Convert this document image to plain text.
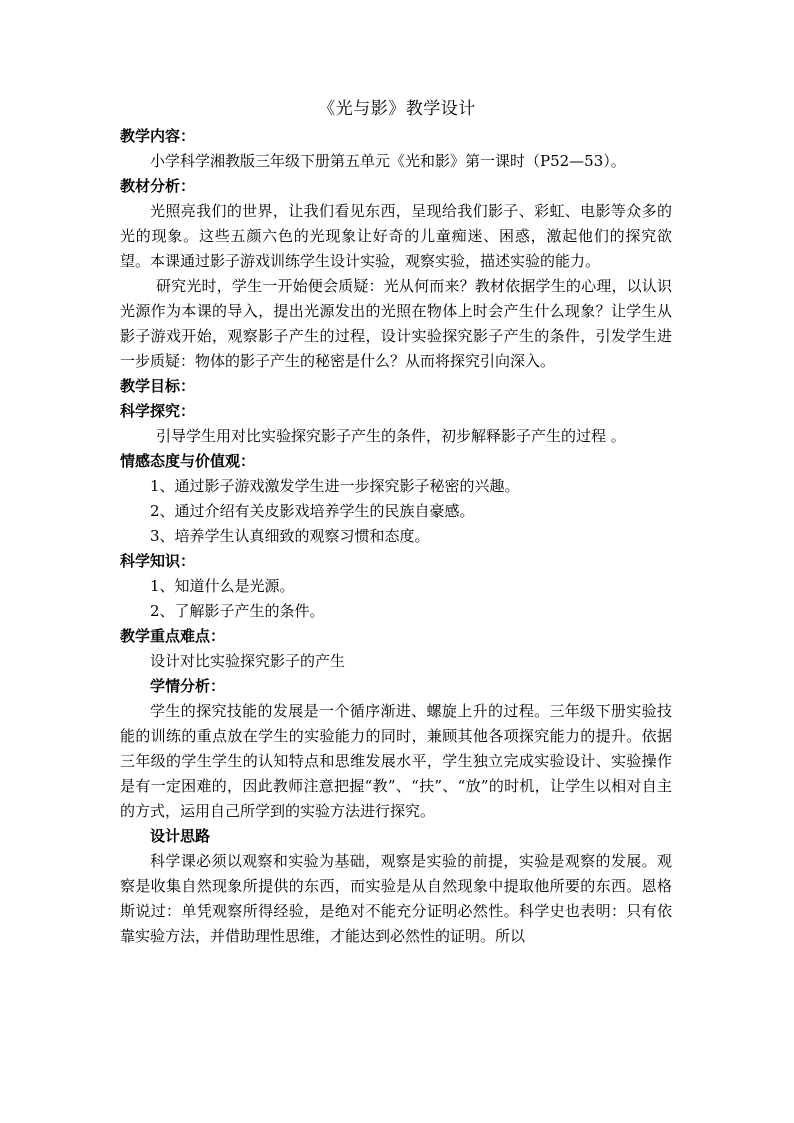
《光与影》教学设计
教学内容：
小学科学湘教版三年级下册第五单元《光和影》第一课时（P52—53）。
教材分析：
光照亮我们的世界，让我们看见东西，呈现给我们影子、彩虹、电影等众多的光的现象。这些五颜六色的光现象让好奇的儿童痴迷、困惑，激起他们的探究欲望。本课通过影子游戏训练学生设计实验，观察实验，描述实验的能力。
研究光时，学生一开始便会质疑：光从何而来？教材依据学生的心理，以认识光源作为本课的导入，提出光源发出的光照在物体上时会产生什么现象？让学生从影子游戏开始，观察影子产生的过程，设计实验探究影子产生的条件，引发学生进一步质疑：物体的影子产生的秘密是什么？从而将探究引向深入。
教学目标：
科学探究：
引导学生用对比实验探究影子产生的条件，初步解释影子产生的过程 。
情感态度与价值观：
1、通过影子游戏激发学生进一步探究影子秘密的兴趣。
2、通过介绍有关皮影戏培养学生的民族自豪感。
3、培养学生认真细致的观察习惯和态度。
科学知识：
1、知道什么是光源。
2、了解影子产生的条件。
教学重点难点：
设计对比实验探究影子的产生
学情分析：
学生的探究技能的发展是一个循序渐进、螺旋上升的过程。三年级下册实验技能的训练的重点放在学生的实验能力的同时，兼顾其他各项探究能力的提升。依据三年级的学生学生的认知特点和思维发展水平，学生独立完成实验设计、实验操作是有一定困难的，因此教师注意把握“教”、“扶”、“放”的时机，让学生以相对自主的方式，运用自己所学到的实验方法进行探究。
设计思路
科学课必须以观察和实验为基础，观察是实验的前提，实验是观察的发展。观察是收集自然现象所提供的东西，而实验是从自然现象中提取他所要的东西。恩格斯说过：单凭观察所得经验，是绝对不能充分证明必然性。科学史也表明：只有依靠实验方法，并借助理性思维，才能达到必然性的证明。所以
